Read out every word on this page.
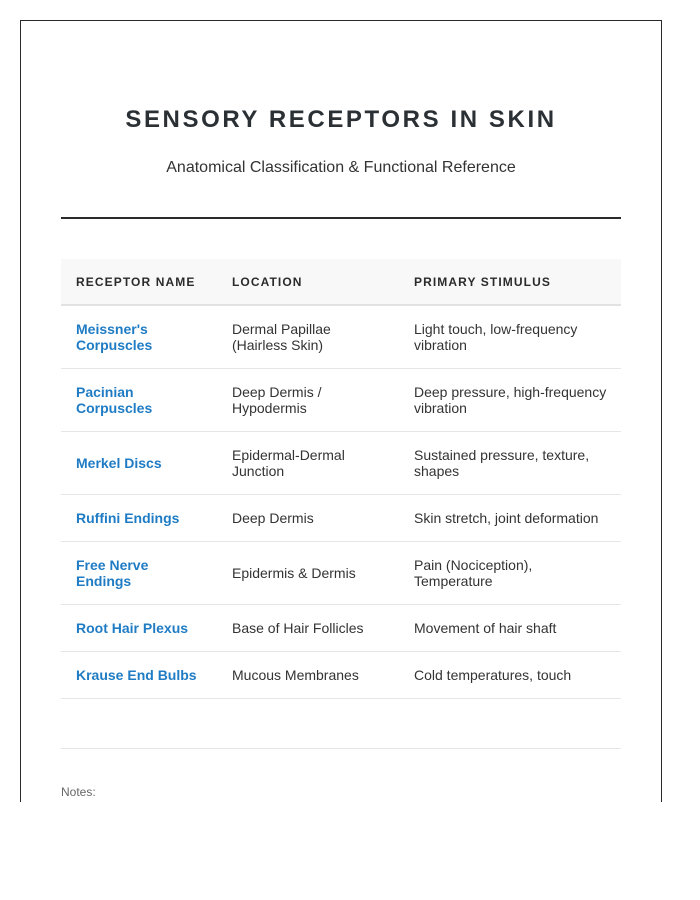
SENSORY RECEPTORS IN SKIN
Anatomical Classification & Functional Reference
RECEPTOR NAME	LOCATION	PRIMARY STIMULUS
Meissner's Corpuscles	Dermal Papillae (Hairless Skin)	Light touch, low-frequency vibration
Pacinian Corpuscles	Deep Dermis / Hypodermis	Deep pressure, high-frequency vibration
Merkel Discs	Epidermal-Dermal Junction	Sustained pressure, texture, shapes
Ruffini Endings	Deep Dermis	Skin stretch, joint deformation
Free Nerve Endings	Epidermis & Dermis	Pain (Nociception), Temperature
Root Hair Plexus	Base of Hair Follicles	Movement of hair shaft
Krause End Bulbs	Mucous Membranes	Cold temperatures, touch
Notes:
